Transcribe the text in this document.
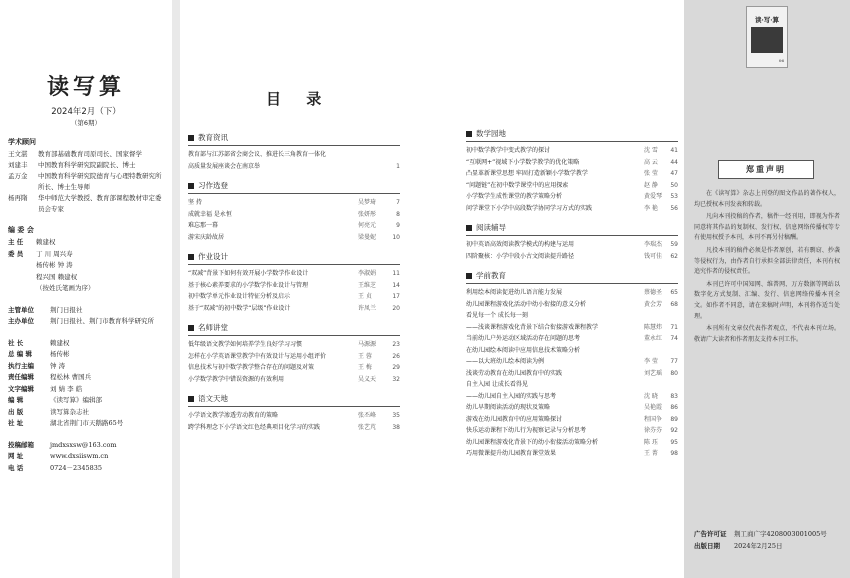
读写算
2024年2月（下）
（第6期）
学术顾问
王文湛	教育部基础教育司原司长、国家督学
刘建丰	中国教育科学研究院副院长、博士
孟万金	中国教育科学研究院德育与心理特教研究所所长、博士生导师
杨再隋	华中师范大学教授、教育部课程教材审定委员会专家
编 委 会
主 任	赖建权
委 员	丁 川 周兴寿
杨传彬 钟 涛
程兴国 赖建权
（按姓氏笔画为序）
主管单位	荆门日报社
主办单位	荆门日报社、荆门市教育科学研究所
社 长	赖建权
总 编 辑	杨传彬
执行主编	钟 涛
责任编辑	程松林 曹国兵
文字编辑	刘 婧 李 皓
编 辑	《读写算》编辑部
出 版	读写算杂志社
社 址	湖北省荆门市天鹅路65号
投稿邮箱	jmdxsxsw@163.com
网 址	www.dxsiiswm.cn
电 话	0724－2345835
目 录
教育资讯
教育部与江苏部省会商会议、推进长三角教育一体化
高质量发展座谈会在南京举	1
习作选登
坚 持	吴梦琦	7
成就幸福 是永恒	张妍彤	8
难忘那一幕	何亮元	9
游宋庆龄故居	梁曼妮	10
作业设计
“双减”背景下如何有效开展小学数学作业设计	李淑娟	11
基于核心素养要求的小学数学作业设计与管理	王维芝	14
初中数学单元作业设计特征分析及启示	王 贞	17
基于“双减”的初中数学“层级”作业设计	许凤兰	20
名师讲堂
低年级语文教学如何培养学生良好学习习惯	马源源	23
怎样在小学英语课堂教学中有效设计与运用小组评价	王 蓉	26
信息技术与初中数学教学整合存在的问题及对策	王 梅	29
小学数学教学中错误资源的有效利用	吴义天	32
语文天地
小学语文教学渗透劳动教育的策略	张丕峰	35
跨学科理念下小学语文红色经典项目化学习的实践	张艺芃	38
数学园地
初中数学教学中变式教学的探讨	沈 雪	41
“互联网+”视域下小学数学教学的优化策略	高 云	44
凸显革新课堂思想 牢固打造新颖小学数学教学	张 莹	47
“问题链”在初中数学课堂中的应用探索	赵 静	50
小学数学生成性课堂的教学策略分析	黄爱琴	53
问学课堂下小学中高段数学协同学习方式的实践	李 艳	56
阅读辅导
初中英语高效阅读教学模式的构建与运用	李瑞杰	59
四阶聚核：小学中段小古文阅读提升路径	钱可佳	62
学前教育
利用绘本阅读促进幼儿语言能力发展	蔡德圣	65
幼儿园课程游戏化活动中幼小衔接的意义分析	黄会芳	68
看见每一个 成长每一刻
——浅谈课程游戏化背景下结合衔接游戏课程教学	陈慧炜	71
当前幼儿户外运动区域活动存在问题的思考	董永红	74
在幼儿园绘本阅读中应用信息技术策略分析
——以大班幼儿绘本阅读为例	李 莹	77
浅谈劳动教育在幼儿园教育中的实践	刘艺瑶	80
自主入园 让成长看得见
——幼儿园自主入园的实践与思考	沈 晓	83
幼儿早期阅读活动的现状及策略	吴艳霞	86
游戏在幼儿园教育中的应用策略探讨	程国争	89
快乐运动课程下幼儿行为视察记录与分析思考	徐芬芬	92
幼儿园课程游戏化背景下的幼小衔接活动策略分析	陈 珏	95
巧用微课提升幼儿园教育课堂效果	王 菁	98
读·写·算
06
郑重声明

在《读写算》杂志上刊登的图文作品的著作权人，均已授权本刊发表和转载。

凡向本刊投稿的作者，稿件一经刊用，即视为作者同意将其作品的复制权、发行权、信息网络传播权等专有使用权授予本刊，本刊不再另付稿酬。

凡投本刊的稿件必须是作者原创，若有剽窃、抄袭等侵权行为，由作者自行承担全部法律责任，本刊有权追究作者的侵权责任。

本刊已许可中国知网、维普网、万方数据等网站以数字化方式复制、汇编、发行、信息网络传播本刊全文。如作者不同意，请在来稿时声明，本刊将作适当处理。

本刊所有文章仅代表作者观点，不代表本刊立场。敬请广大读者和作者朋友支持本刊工作。

广告许可证	荆工商广字4208003001005号
出版日期	2024年2月25日
